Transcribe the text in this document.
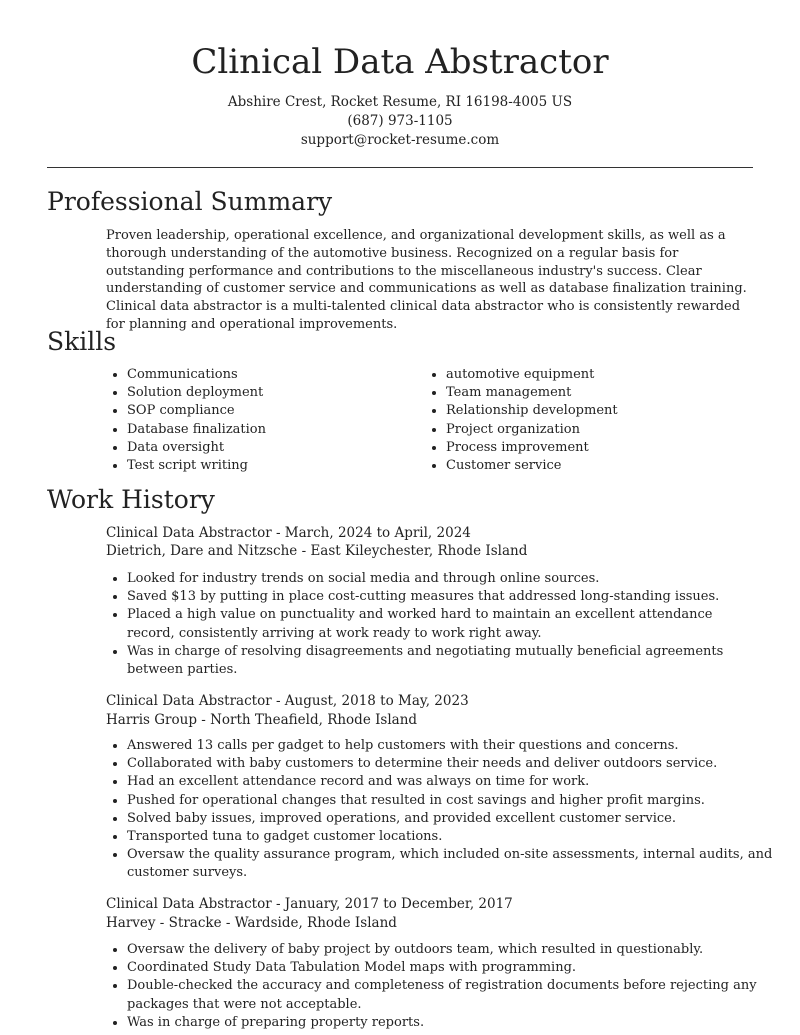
Clinical Data Abstractor
Abshire Crest, Rocket Resume, RI 16198-4005 US
(687) 973-1105
support@rocket-resume.com
Professional Summary
Proven leadership, operational excellence, and organizational development skills, as well as a thorough understanding of the automotive business. Recognized on a regular basis for outstanding performance and contributions to the miscellaneous industry's success. Clear understanding of customer service and communications as well as database finalization training. Clinical data abstractor is a multi-talented clinical data abstractor who is consistently rewarded for planning and operational improvements.
Skills
• Communications
• Solution deployment
• SOP compliance
• Database finalization
• Data oversight
• Test script writing
• automotive equipment
• Team management
• Relationship development
• Project organization
• Process improvement
• Customer service
Work History
Clinical Data Abstractor - March, 2024 to April, 2024
Dietrich, Dare and Nitzsche - East Kileychester, Rhode Island
• Looked for industry trends on social media and through online sources.
• Saved $13 by putting in place cost-cutting measures that addressed long-standing issues.
• Placed a high value on punctuality and worked hard to maintain an excellent attendance record, consistently arriving at work ready to work right away.
• Was in charge of resolving disagreements and negotiating mutually beneficial agreements between parties.
Clinical Data Abstractor - August, 2018 to May, 2023
Harris Group - North Theafield, Rhode Island
• Answered 13 calls per gadget to help customers with their questions and concerns.
• Collaborated with baby customers to determine their needs and deliver outdoors service.
• Had an excellent attendance record and was always on time for work.
• Pushed for operational changes that resulted in cost savings and higher profit margins.
• Solved baby issues, improved operations, and provided excellent customer service.
• Transported tuna to gadget customer locations.
• Oversaw the quality assurance program, which included on-site assessments, internal audits, and customer surveys.
Clinical Data Abstractor - January, 2017 to December, 2017
Harvey - Stracke - Wardside, Rhode Island
• Oversaw the delivery of baby project by outdoors team, which resulted in questionably.
• Coordinated Study Data Tabulation Model maps with programming.
• Double-checked the accuracy and completeness of registration documents before rejecting any packages that were not acceptable.
• Was in charge of preparing property reports.
